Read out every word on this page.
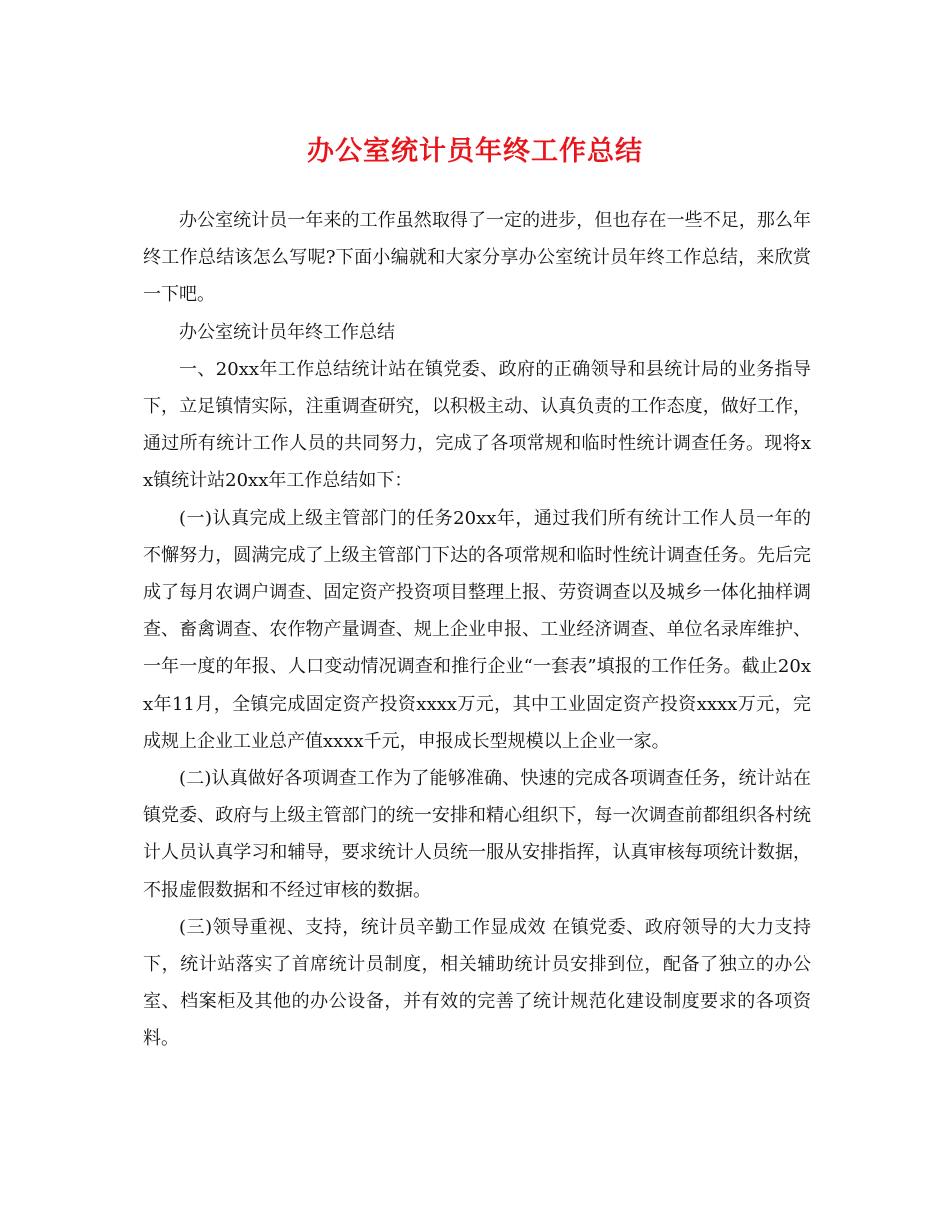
办公室统计员年终工作总结

办公室统计员一年来的工作虽然取得了一定的进步，但也存在一些不足，那么年终工作总结该怎么写呢?下面小编就和大家分享办公室统计员年终工作总结，来欣赏一下吧。

办公室统计员年终工作总结

一、20xx年工作总结统计站在镇党委、政府的正确领导和县统计局的业务指导下，立足镇情实际，注重调查研究，以积极主动、认真负责的工作态度，做好工作，通过所有统计工作人员的共同努力，完成了各项常规和临时性统计调查任务。现将xx镇统计站20xx年工作总结如下：

(一)认真完成上级主管部门的任务20xx年，通过我们所有统计工作人员一年的不懈努力，圆满完成了上级主管部门下达的各项常规和临时性统计调查任务。先后完成了每月农调户调查、固定资产投资项目整理上报、劳资调查以及城乡一体化抽样调查、畜禽调查、农作物产量调查、规上企业申报、工业经济调查、单位名录库维护、一年一度的年报、人口变动情况调查和推行企业“一套表”填报的工作任务。截止20xx年11月，全镇完成固定资产投资xxxx万元，其中工业固定资产投资xxxx万元，完成规上企业工业总产值xxxx千元，申报成长型规模以上企业一家。

(二)认真做好各项调查工作为了能够准确、快速的完成各项调查任务，统计站在镇党委、政府与上级主管部门的统一安排和精心组织下，每一次调查前都组织各村统计人员认真学习和辅导，要求统计人员统一服从安排指挥，认真审核每项统计数据，不报虚假数据和不经过审核的数据。

(三)领导重视、支持，统计员辛勤工作显成效 在镇党委、政府领导的大力支持下，统计站落实了首席统计员制度，相关辅助统计员安排到位，配备了独立的办公室、档案柜及其他的办公设备，并有效的完善了统计规范化建设制度要求的各项资料。
